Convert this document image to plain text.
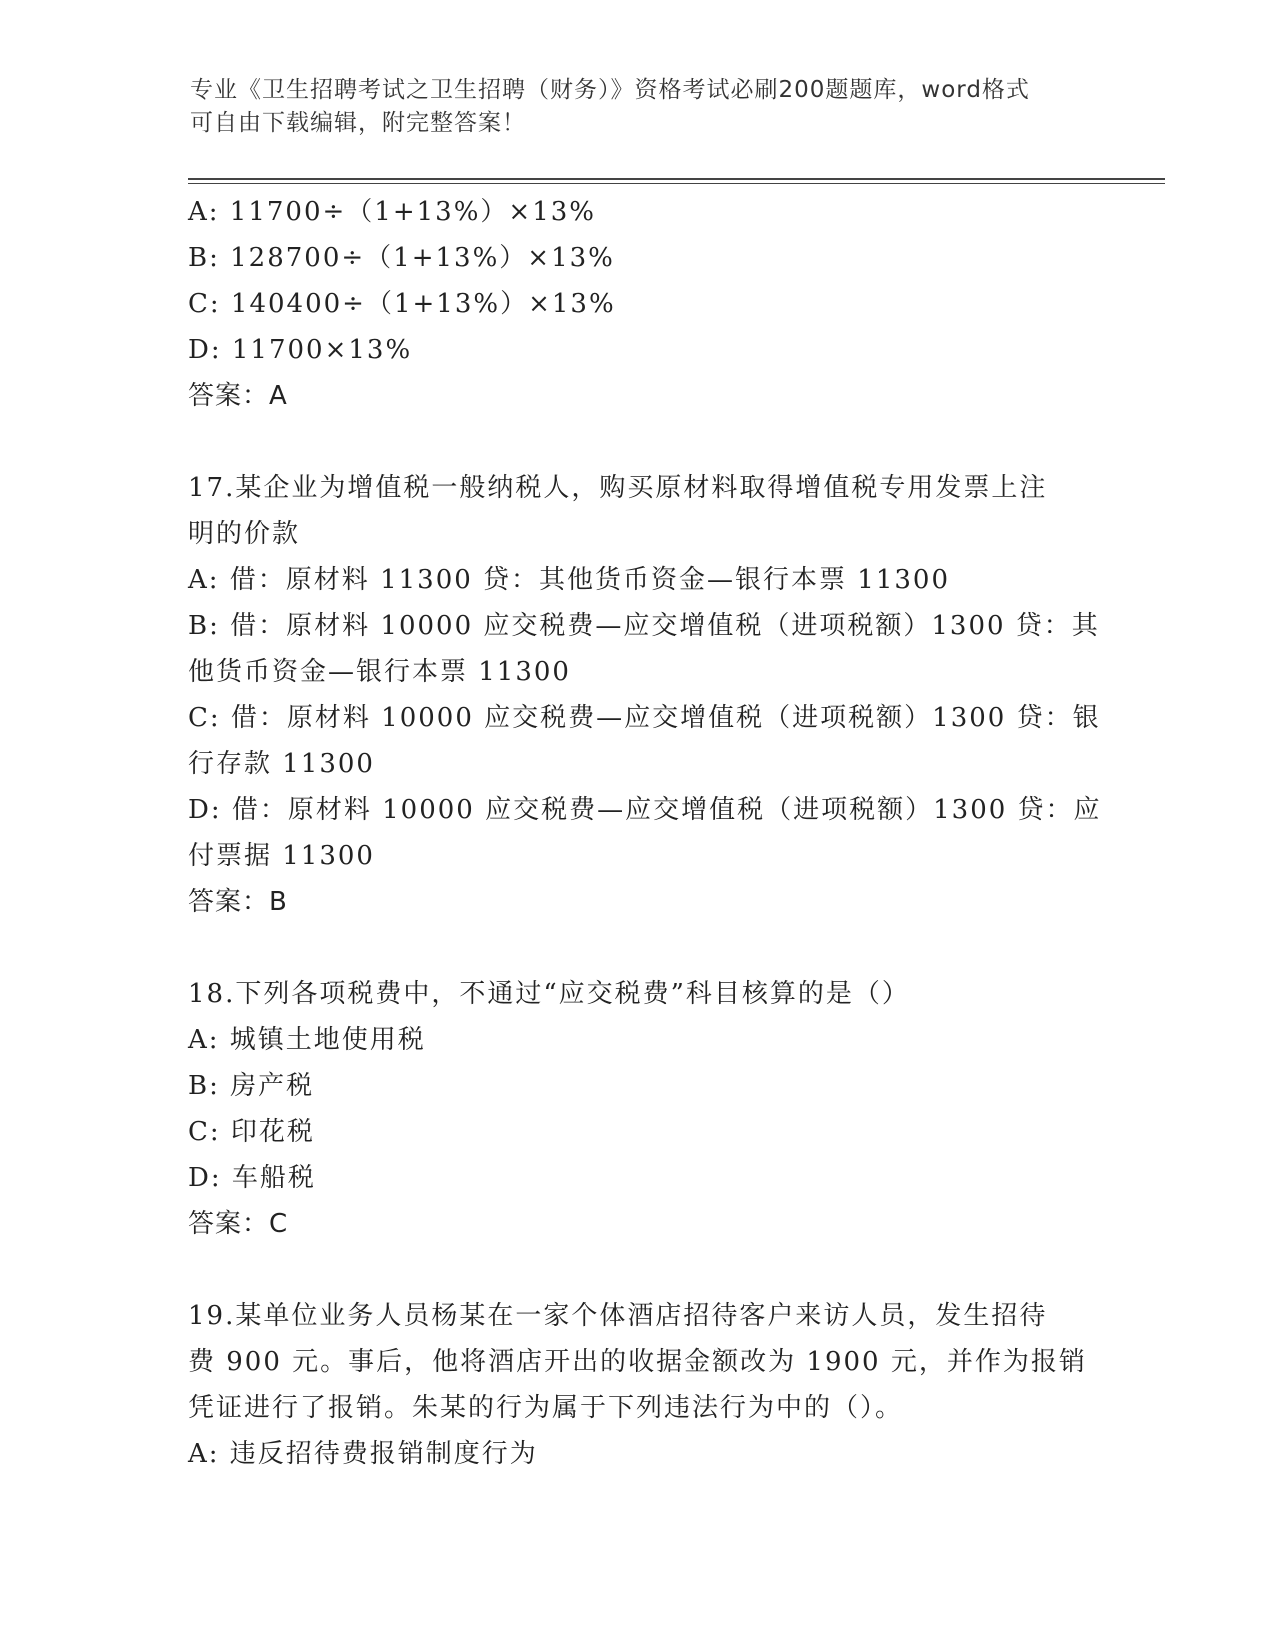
专业《卫生招聘考试之卫生招聘（财务）》资格考试必刷200题题库，word格式
可自由下载编辑，附完整答案！
A: 11700÷（1+13%）×13%
B: 128700÷（1+13%）×13%
C: 140400÷（1+13%）×13%
D: 11700×13%
答案：A
17.某企业为增值税一般纳税人，购买原材料取得增值税专用发票上注
明的价款
A: 借：原材料 11300 贷：其他货币资金—银行本票 11300
B: 借：原材料 10000 应交税费—应交增值税（进项税额）1300 贷：其
他货币资金—银行本票 11300
C: 借：原材料 10000 应交税费—应交增值税（进项税额）1300 贷：银
行存款 11300
D: 借：原材料 10000 应交税费—应交增值税（进项税额）1300 贷：应
付票据 11300
答案：B
18.下列各项税费中，不通过“应交税费”科目核算的是（）
A: 城镇土地使用税
B: 房产税
C: 印花税
D: 车船税
答案：C
19.某单位业务人员杨某在一家个体酒店招待客户来访人员，发生招待
费 900 元。事后，他将酒店开出的收据金额改为 1900 元，并作为报销
凭证进行了报销。朱某的行为属于下列违法行为中的（）。
A: 违反招待费报销制度行为
